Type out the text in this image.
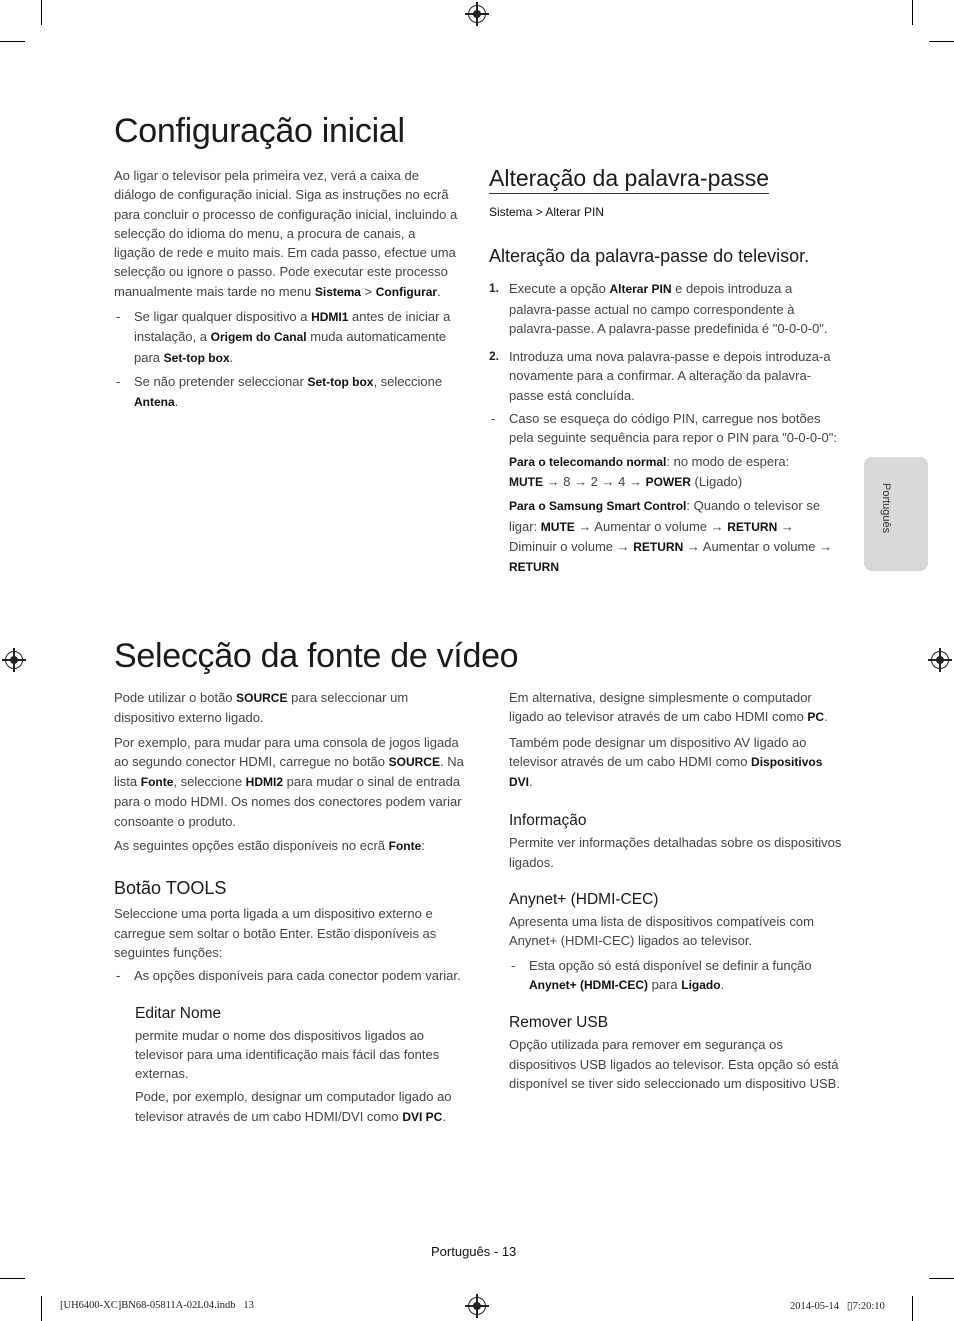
Configuração inicial

Ao ligar o televisor pela primeira vez, verá a caixa de diálogo de configuração inicial. Siga as instruções no ecrã para concluir o processo de configuração inicial, incluindo a selecção do idioma do menu, a procura de canais, a ligação de rede e muito mais. Em cada passo, efectue uma selecção ou ignore o passo. Pode executar este processo manualmente mais tarde no menu Sistema > Configurar.

- Se ligar qualquer dispositivo a HDMI1 antes de iniciar a instalação, a Origem do Canal muda automaticamente para Set-top box.

- Se não pretender seleccionar Set-top box, seleccione Antena.

Alteração da palavra-passe

Sistema > Alterar PIN

Alteração da palavra-passe do televisor.

1. Execute a opção Alterar PIN e depois introduza a palavra-passe actual no campo correspondente à palavra-passe. A palavra-passe predefinida é "0-0-0-0".

2. Introduza uma nova palavra-passe e depois introduza-a novamente para a confirmar. A alteração da palavra-passe está concluída.

- Caso se esqueça do código PIN, carregue nos botões pela seguinte sequência para repor o PIN para "0-0-0-0":

Para o telecomando normal: no modo de espera:
MUTE → 8 → 2 → 4 → POWER (Ligado)

Para o Samsung Smart Control: Quando o televisor se ligar: MUTE → Aumentar o volume → RETURN → Diminuir o volume → RETURN → Aumentar o volume → RETURN

Português
Selecção da fonte de vídeo

Pode utilizar o botão SOURCE para seleccionar um dispositivo externo ligado.

Por exemplo, para mudar para uma consola de jogos ligada ao segundo conector HDMI, carregue no botão SOURCE. Na lista Fonte, seleccione HDMI2 para mudar o sinal de entrada para o modo HDMI. Os nomes dos conectores podem variar consoante o produto.

As seguintes opções estão disponíveis no ecrã Fonte:

Botão TOOLS

Seleccione uma porta ligada a um dispositivo externo e carregue sem soltar o botão Enter. Estão disponíveis as seguintes funções:

- As opções disponíveis para cada conector podem variar.

Editar Nome

permite mudar o nome dos dispositivos ligados ao televisor para uma identificação mais fácil das fontes externas.

Pode, por exemplo, designar um computador ligado ao televisor através de um cabo HDMI/DVI como DVI PC.

Em alternativa, designe simplesmente o computador ligado ao televisor através de um cabo HDMI como PC.

Também pode designar um dispositivo AV ligado ao televisor através de um cabo HDMI como Dispositivos DVI.

Informação

Permite ver informações detalhadas sobre os dispositivos ligados.

Anynet+ (HDMI-CEC)

Apresenta uma lista de dispositivos compatíveis com Anynet+ (HDMI-CEC) ligados ao televisor.

- Esta opção só está disponível se definir a função Anynet+ (HDMI-CEC) para Ligado.

Remover USB

Opção utilizada para remover em segurança os dispositivos USB ligados ao televisor. Esta opção só está disponível se tiver sido seleccionado um dispositivo USB.

Português - 13
[UH6400-XC]BN68-05811A-02L04.indb   13	2014-05-14   ▯7:20:10
